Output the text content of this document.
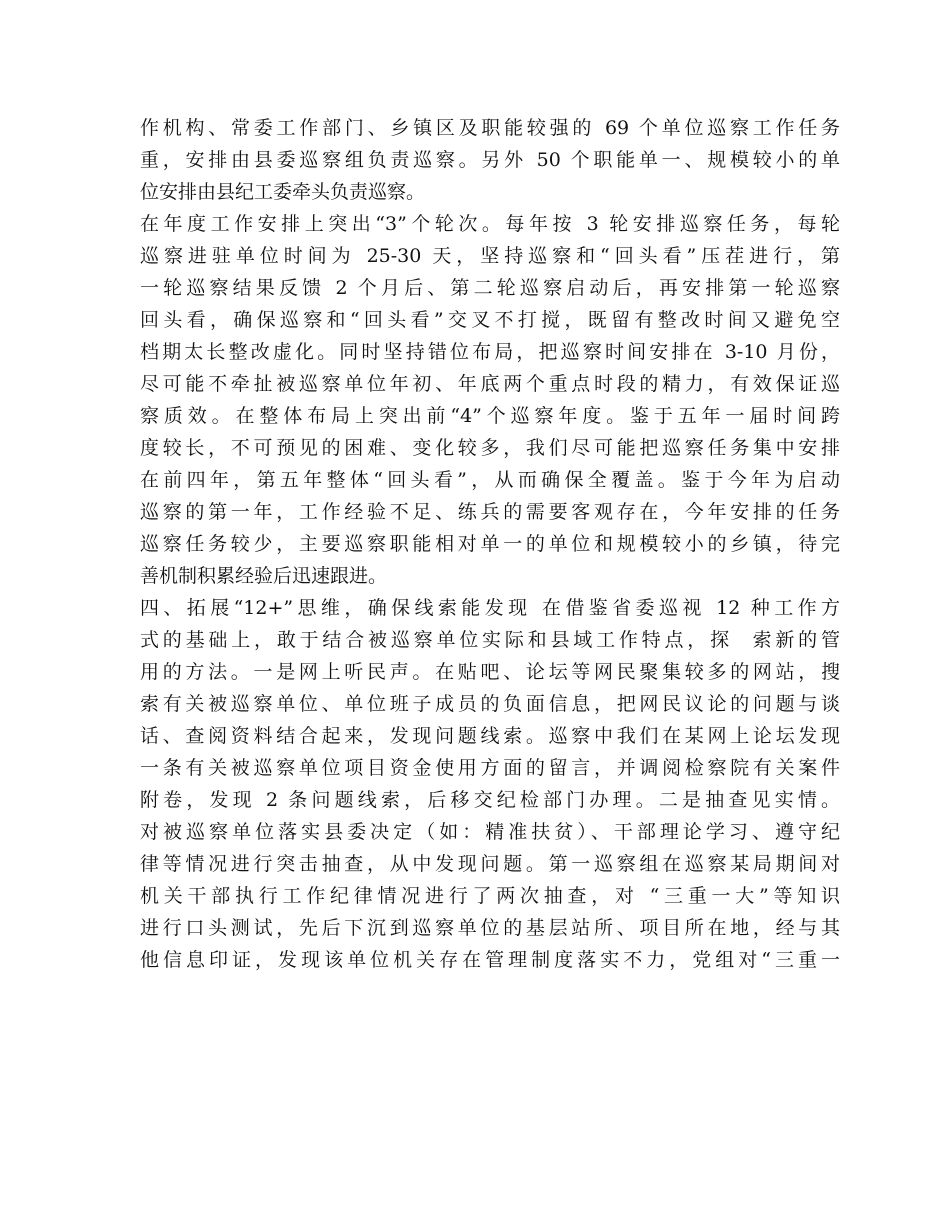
作机构、常委工作部门、乡镇区及职能较强的 69 个单位巡察工作任务
重，安排由县委巡察组负责巡察。另外 50 个职能单一、规模较小的单
位安排由县纪工委牵头负责巡察。
在年度工作安排上突出“3”个轮次。每年按 3 轮安排巡察任务，每轮
巡察进驻单位时间为 25-30 天，坚持巡察和“回头看”压茬进行，第
一轮巡察结果反馈 2 个月后、第二轮巡察启动后，再安排第一轮巡察
回头看，确保巡察和“回头看”交叉不打搅，既留有整改时间又避免空
档期太长整改虚化。同时坚持错位布局，把巡察时间安排在 3-10 月份，
尽可能不牵扯被巡察单位年初、年底两个重点时段的精力，有效保证巡
察质效。在整体布局上突出前“4”个巡察年度。鉴于五年一届时间跨
度较长，不可预见的困难、变化较多，我们尽可能把巡察任务集中安排
在前四年，第五年整体“回头看”，从而确保全覆盖。鉴于今年为启动
巡察的第一年，工作经验不足、练兵的需要客观存在，今年安排的任务
巡察任务较少，主要巡察职能相对单一的单位和规模较小的乡镇，待完
善机制积累经验后迅速跟进。
四、拓展“12+”思维，确保线索能发现 在借鉴省委巡视 12 种工作方
式的基础上，敢于结合被巡察单位实际和县域工作特点，探  索新的管
用的方法。一是网上听民声。在贴吧、论坛等网民聚集较多的网站，搜
索有关被巡察单位、单位班子成员的负面信息，把网民议论的问题与谈
话、查阅资料结合起来，发现问题线索。巡察中我们在某网上论坛发现
一条有关被巡察单位项目资金使用方面的留言，并调阅检察院有关案件
附卷，发现 2 条问题线索，后移交纪检部门办理。二是抽查见实情。
对被巡察单位落实县委决定（如：精准扶贫）、干部理论学习、遵守纪
律等情况进行突击抽查，从中发现问题。第一巡察组在巡察某局期间对
机关干部执行工作纪律情况进行了两次抽查，对 “三重一大”等知识
进行口头测试，先后下沉到巡察单位的基层站所、项目所在地，经与其
他信息印证，发现该单位机关存在管理制度落实不力，党组对“三重一
